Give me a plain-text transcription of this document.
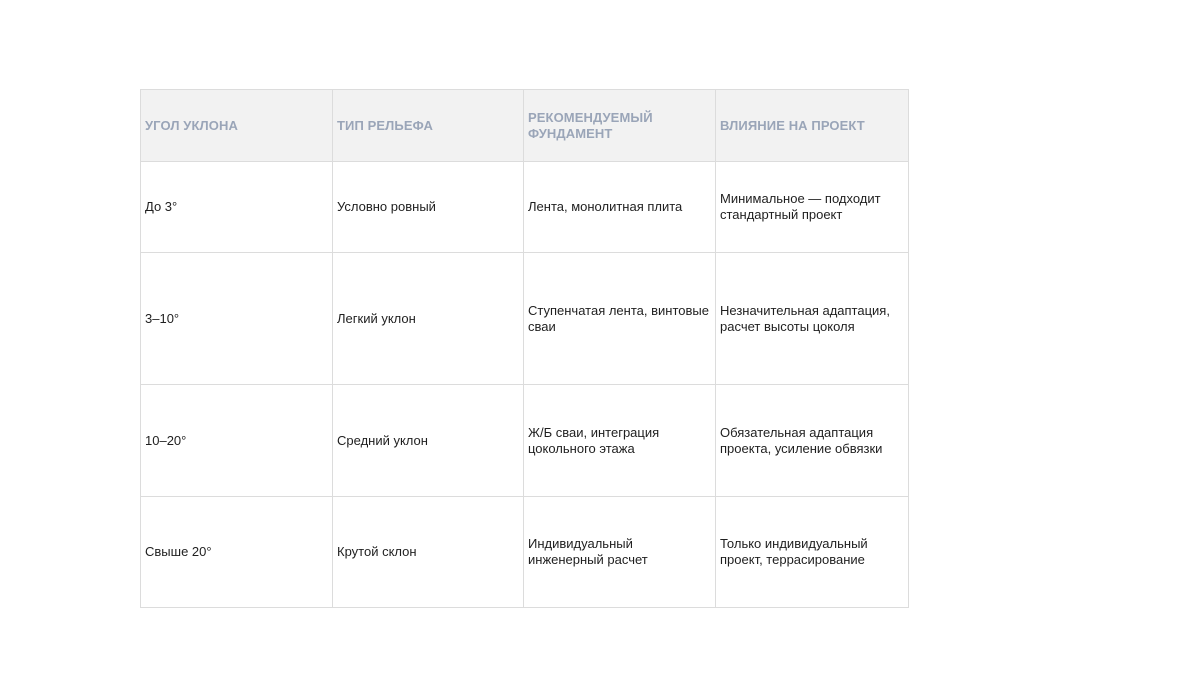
УГОЛ УКЛОНА	ТИП РЕЛЬЕФА	РЕКОМЕНДУЕМЫЙ ФУНДАМЕНТ	ВЛИЯНИЕ НА ПРОЕКТ
До 3°	Условно ровный	Лента, монолитная плита	Минимальное — подходит стандартный проект
3–10°	Легкий уклон	Ступенчатая лента, винтовые сваи	Незначительная адаптация, расчет высоты цоколя
10–20°	Средний уклон	Ж/Б сваи, интеграция цокольного этажа	Обязательная адаптация проекта, усиление обвязки
Свыше 20°	Крутой склон	Индивидуальный инженерный расчет	Только индивидуальный проект, террасирование
